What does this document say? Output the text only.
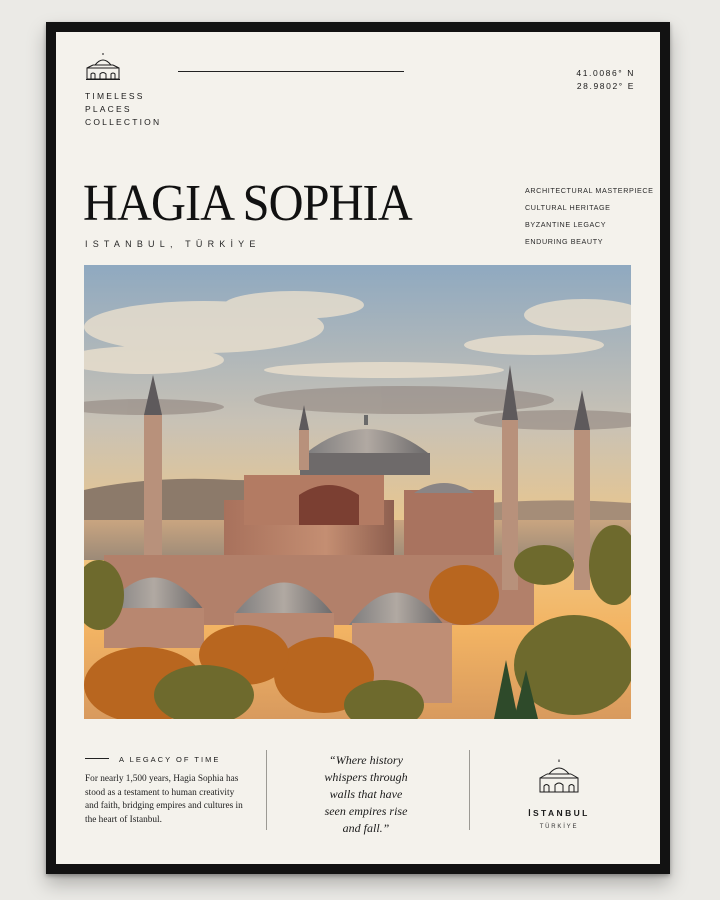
TIMELESS
PLACES
COLLECTION
41.0086° N
28.9802° E
HAGIA SOPHIA
ISTANBUL, TÜRKİYE
ARCHITECTURAL MASTERPIECE
CULTURAL HERITAGE
BYZANTINE LEGACY
ENDURING BEAUTY
A LEGACY OF TIME
For nearly 1,500 years, Hagia Sophia has stood as a testament to human creativity and faith, bridging empires and cultures in the heart of Istanbul.
“Where history
whispers through
walls that have
seen empires rise
and fall.”
İSTANBUL
TÜRKİYE
